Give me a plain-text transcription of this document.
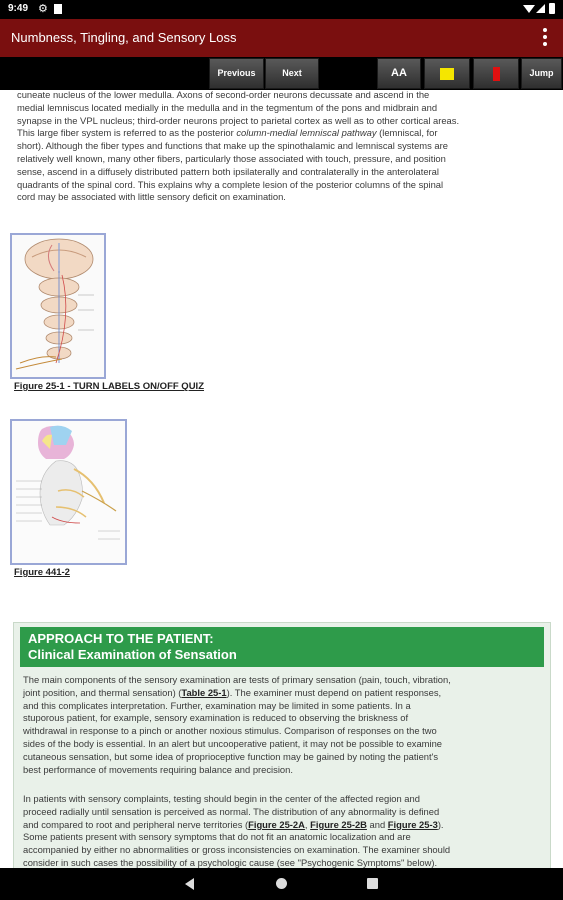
9:49 ⚙
Numbness, Tingling, and Sensory Loss
Previous	Next	AA	Jump
cuneate nucleus of the lower medulla. Axons of second-order neurons decussate and ascend in the
medial lemniscus located medially in the medulla and in the tegmentum of the pons and midbrain and
synapse in the VPL nucleus; third-order neurons project to parietal cortex as well as to other cortical areas.
This large fiber system is referred to as the posterior column-medial lemniscal pathway (lemniscal, for
short). Although the fiber types and functions that make up the spinothalamic and lemniscal systems are
relatively well known, many other fibers, particularly those associated with touch, pressure, and position
sense, ascend in a diffusely distributed pattern both ipsilaterally and contralaterally in the anterolateral
quadrants of the spinal cord. This explains why a complete lesion of the posterior columns of the spinal
cord may be associated with little sensory deficit on examination.
Figure 25-1 - TURN LABELS ON/OFF QUIZ
Figure 441-2
APPROACH TO THE PATIENT:
Clinical Examination of Sensation
The main components of the sensory examination are tests of primary sensation (pain, touch, vibration,
joint position, and thermal sensation) (Table 25-1). The examiner must depend on patient responses,
and this complicates interpretation. Further, examination may be limited in some patients. In a
stuporous patient, for example, sensory examination is reduced to observing the briskness of
withdrawal in response to a pinch or another noxious stimulus. Comparison of responses on the two
sides of the body is essential. In an alert but uncooperative patient, it may not be possible to examine
cutaneous sensation, but some idea of proprioceptive function may be gained by noting the patient's
best performance of movements requiring balance and precision.
In patients with sensory complaints, testing should begin in the center of the affected region and
proceed radially until sensation is perceived as normal. The distribution of any abnormality is defined
and compared to root and peripheral nerve territories (Figure 25-2A, Figure 25-2B and Figure 25-3).
Some patients present with sensory symptoms that do not fit an anatomic localization and are
accompanied by either no abnormalities or gross inconsistencies on examination. The examiner should
consider in such cases the possibility of a psychologic cause (see "Psychogenic Symptoms" below).
